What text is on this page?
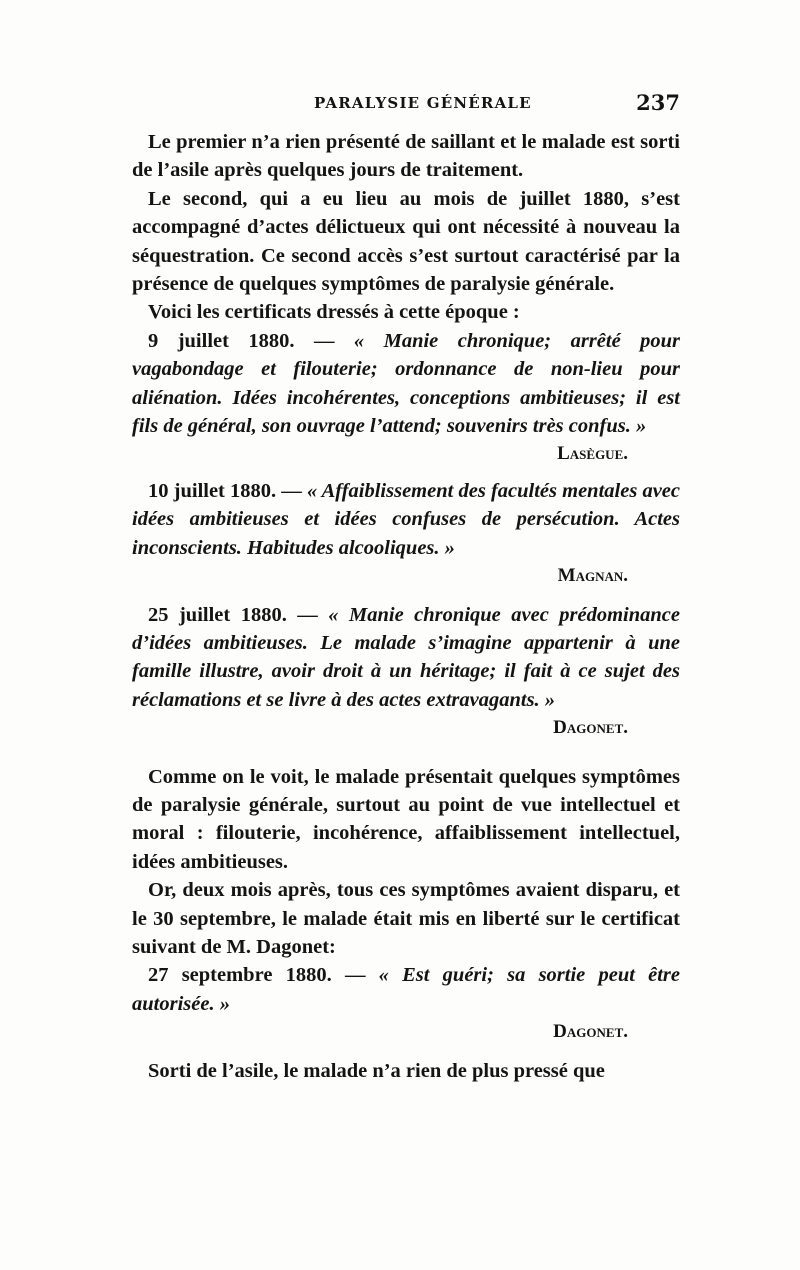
PARALYSIE GÉNÉRALE	237

Le premier n’a rien présenté de saillant et le malade est sorti de l’asile après quelques jours de traitement.

Le second, qui a eu lieu au mois de juillet 1880, s’est accompagné d’actes délictueux qui ont nécessité à nouveau la séquestration. Ce second accès s’est surtout caractérisé par la présence de quelques symptômes de paralysie générale.

Voici les certificats dressés à cette époque :

9 juillet 1880. — « Manie chronique; arrêté pour vagabondage et filouterie; ordonnance de non-lieu pour aliénation. Idées incohérentes, conceptions ambitieuses; il est fils de général, son ouvrage l’attend; souvenirs très confus. »

Lasègue.

10 juillet 1880. — « Affaiblissement des facultés mentales avec idées ambitieuses et idées confuses de persécution. Actes inconscients. Habitudes alcooliques. »

Magnan.

25 juillet 1880. — « Manie chronique avec prédominance d’idées ambitieuses. Le malade s’imagine appartenir à une famille illustre, avoir droit à un héritage; il fait à ce sujet des réclamations et se livre à des actes extravagants. »

Dagonet.

Comme on le voit, le malade présentait quelques symptômes de paralysie générale, surtout au point de vue intellectuel et moral : filouterie, incohérence, affaiblissement intellectuel, idées ambitieuses.

Or, deux mois après, tous ces symptômes avaient disparu, et le 30 septembre, le malade était mis en liberté sur le certificat suivant de M. Dagonet:

27 septembre 1880. — « Est guéri; sa sortie peut être autorisée. »

Dagonet.

Sorti de l’asile, le malade n’a rien de plus pressé que
